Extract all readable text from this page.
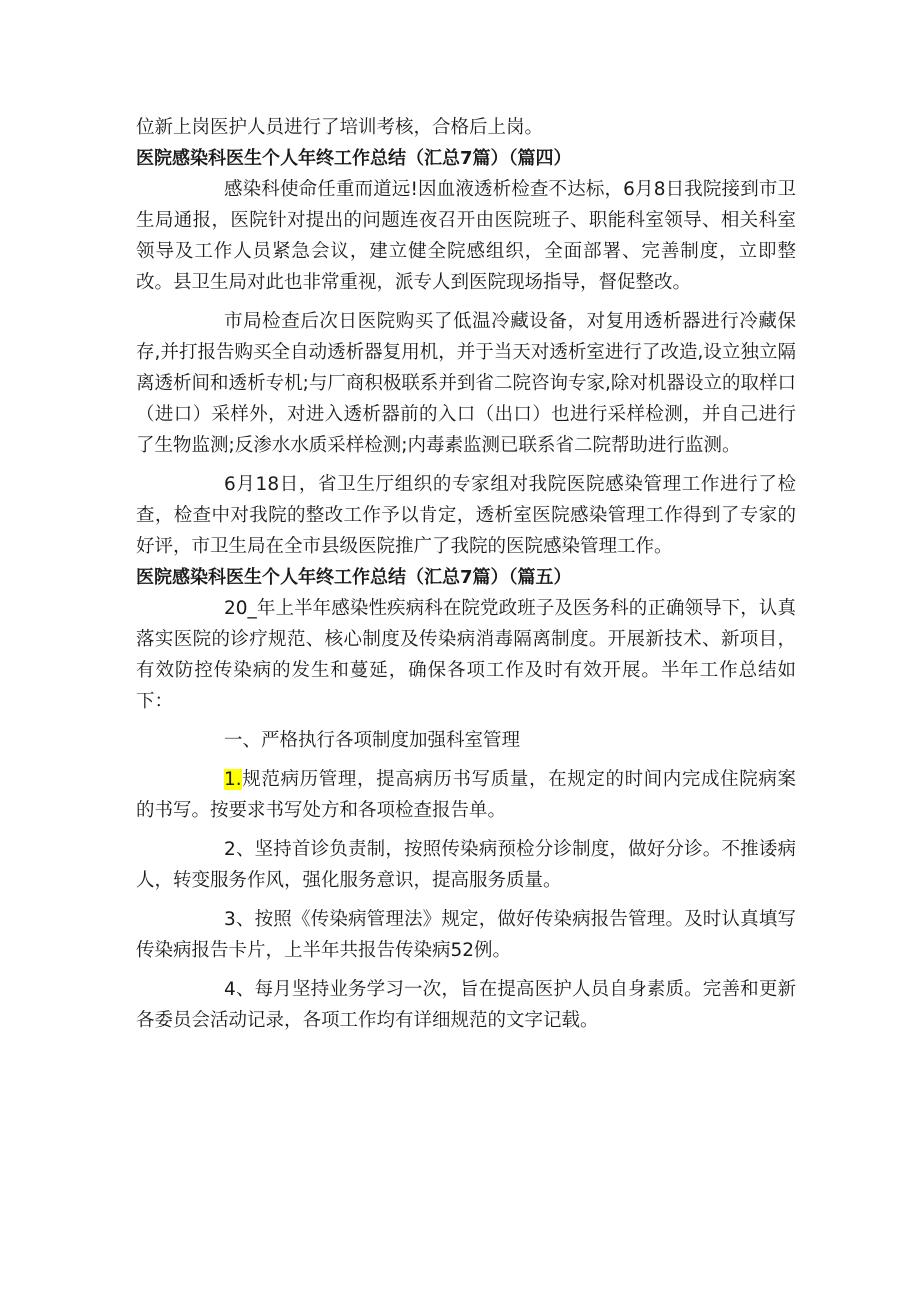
位新上岗医护人员进行了培训考核，合格后上岗。

医院感染科医生个人年终工作总结（汇总7篇）（篇四）

感染科使命任重而道远!因血液透析检查不达标，6月8日我院接到市卫生局通报，医院针对提出的问题连夜召开由医院班子、职能科室领导、相关科室领导及工作人员紧急会议，建立健全院感组织，全面部署、完善制度，立即整改。县卫生局对此也非常重视，派专人到医院现场指导，督促整改。

市局检查后次日医院购买了低温冷藏设备，对复用透析器进行冷藏保存,并打报告购买全自动透析器复用机，并于当天对透析室进行了改造,设立独立隔离透析间和透析专机;与厂商积极联系并到省二院咨询专家,除对机器设立的取样口（进口）采样外，对进入透析器前的入口（出口）也进行采样检测，并自己进行了生物监测;反渗水水质采样检测;内毒素监测已联系省二院帮助进行监测。

6月18日，省卫生厅组织的专家组对我院医院感染管理工作进行了检查，检查中对我院的整改工作予以肯定，透析室医院感染管理工作得到了专家的好评，市卫生局在全市县级医院推广了我院的医院感染管理工作。

医院感染科医生个人年终工作总结（汇总7篇）（篇五）

20_年上半年感染性疾病科在院党政班子及医务科的正确领导下，认真落实医院的诊疗规范、核心制度及传染病消毒隔离制度。开展新技术、新项目，有效防控传染病的发生和蔓延，确保各项工作及时有效开展。半年工作总结如下：

一、严格执行各项制度加强科室管理

1.规范病历管理，提高病历书写质量，在规定的时间内完成住院病案的书写。按要求书写处方和各项检查报告单。

2、坚持首诊负责制，按照传染病预检分诊制度，做好分诊。不推诿病人，转变服务作风，强化服务意识，提高服务质量。

3、按照《传染病管理法》规定，做好传染病报告管理。及时认真填写传染病报告卡片，上半年共报告传染病52例。

4、每月坚持业务学习一次，旨在提高医护人员自身素质。完善和更新各委员会活动记录，各项工作均有详细规范的文字记载。
